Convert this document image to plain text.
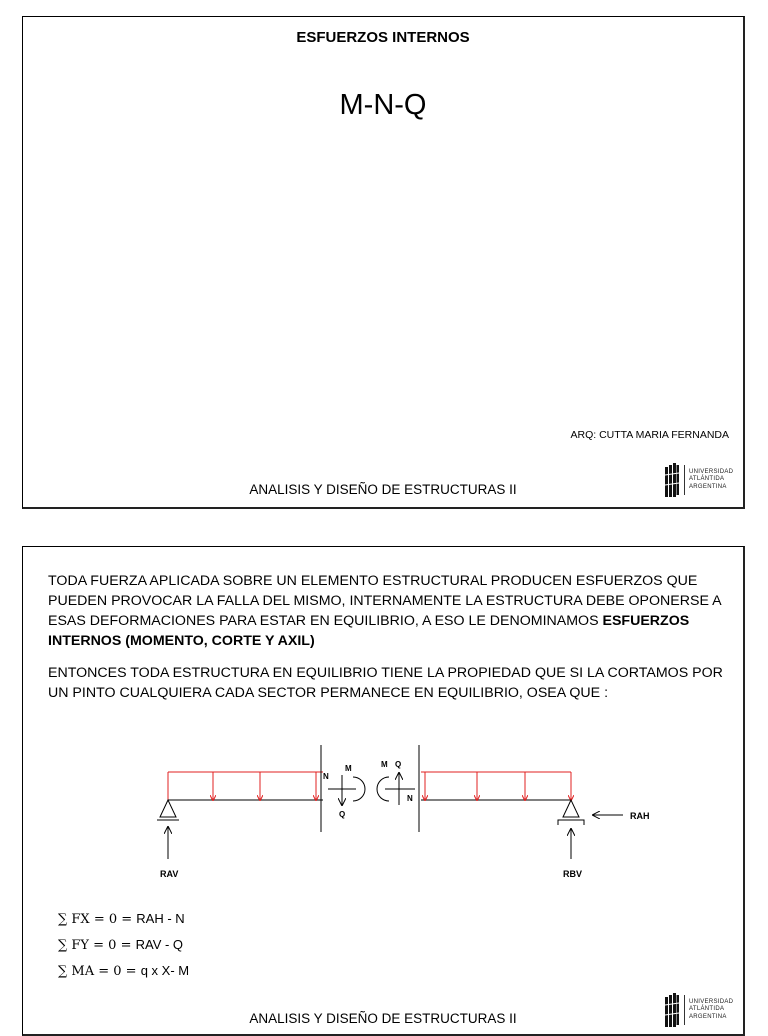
ESFUERZOS INTERNOS
M-N-Q
ARQ: CUTTA MARIA FERNANDA
ANALISIS Y DISEÑO DE ESTRUCTURAS II
UNIVERSIDAD
ATLÁNTIDA
ARGENTINA
TODA FUERZA APLICADA SOBRE UN ELEMENTO ESTRUCTURAL PRODUCEN ESFUERZOS QUE PUEDEN PROVOCAR LA FALLA DEL MISMO, INTERNAMENTE LA ESTRUCTURA DEBE OPONERSE A ESAS DEFORMACIONES PARA ESTAR EN EQUILIBRIO, A ESO LE DENOMINAMOS ESFUERZOS INTERNOS (MOMENTO, CORTE Y AXIL)
ENTONCES TODA ESTRUCTURA EN EQUILIBRIO TIENE LA PROPIEDAD QUE SI LA CORTAMOS POR UN PINTO CUALQUIERA CADA SECTOR PERMANECE EN EQUILIBRIO, OSEA QUE :
RAV
N
M
Q
M Q
N
RBV
RAH
∑ FX = 0 = RAH - N
∑ FY = 0 = RAV - Q
∑ MA = 0 = q x X- M
ANALISIS Y DISEÑO DE ESTRUCTURAS II
UNIVERSIDAD
ATLÁNTIDA
ARGENTINA
